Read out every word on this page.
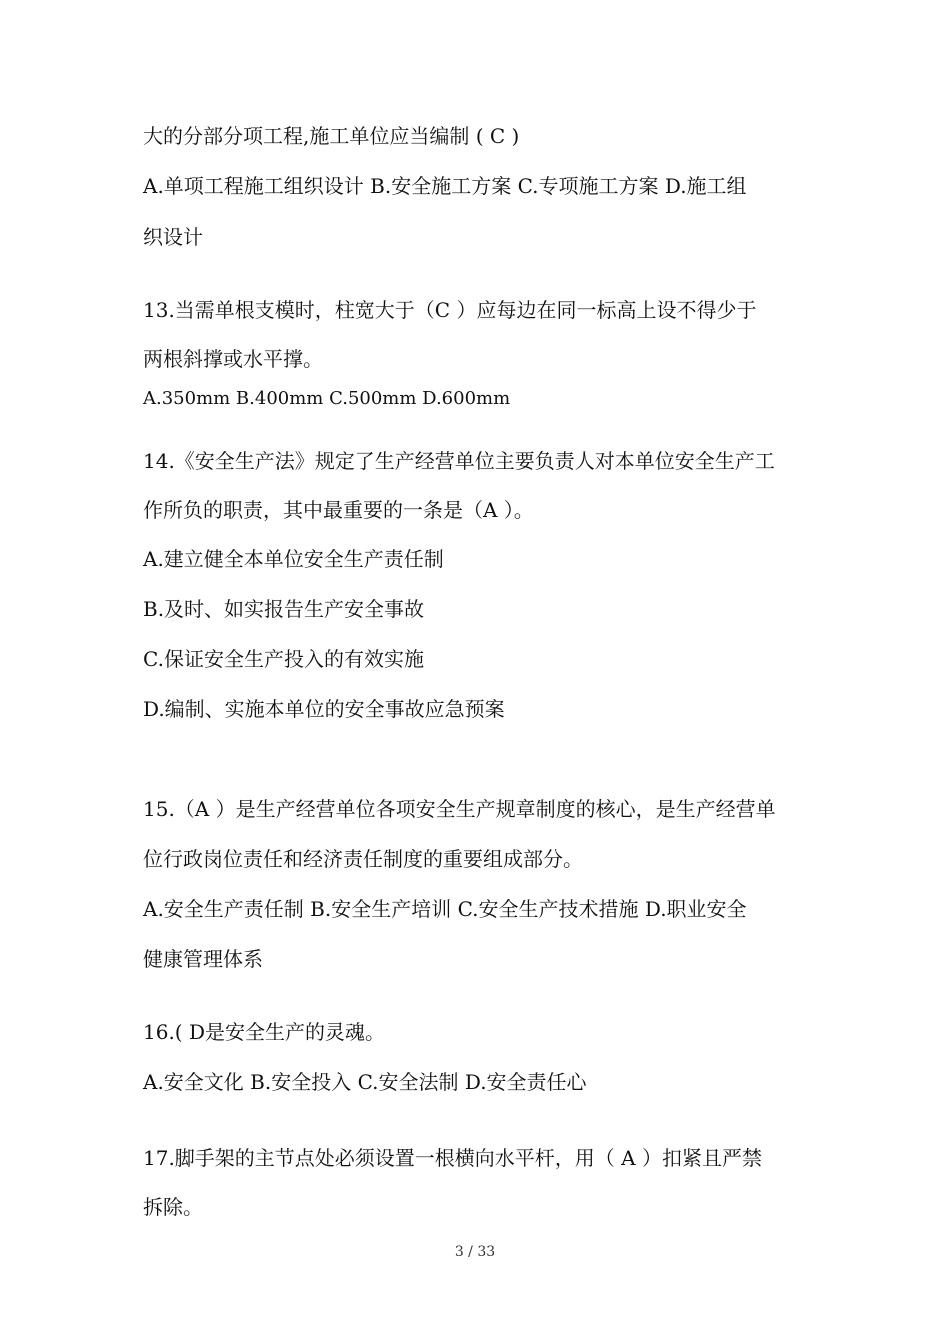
大的分部分项工程,施工单位应当编制 ( C )
A.单项工程施工组织设计 B.安全施工方案 C.专项施工方案 D.施工组
织设计
13.当需单根支模时，柱宽大于（C ）应每边在同一标高上设不得少于
两根斜撑或水平撑。
A.350mm B.400mm C.500mm D.600mm
14.《安全生产法》规定了生产经营单位主要负责人对本单位安全生产工
作所负的职责，其中最重要的一条是（A ）。
A.建立健全本单位安全生产责任制
B.及时、如实报告生产安全事故
C.保证安全生产投入的有效实施
D.编制、实施本单位的安全事故应急预案
15.（A ）是生产经营单位各项安全生产规章制度的核心，是生产经营单
位行政岗位责任和经济责任制度的重要组成部分。
A.安全生产责任制 B.安全生产培训 C.安全生产技术措施 D.职业安全
健康管理体系
16.( D是安全生产的灵魂。
A.安全文化 B.安全投入 C.安全法制 D.安全责任心
17.脚手架的主节点处必须设置一根横向水平杆，用（ A ）扣紧且严禁
拆除。
3 / 33
